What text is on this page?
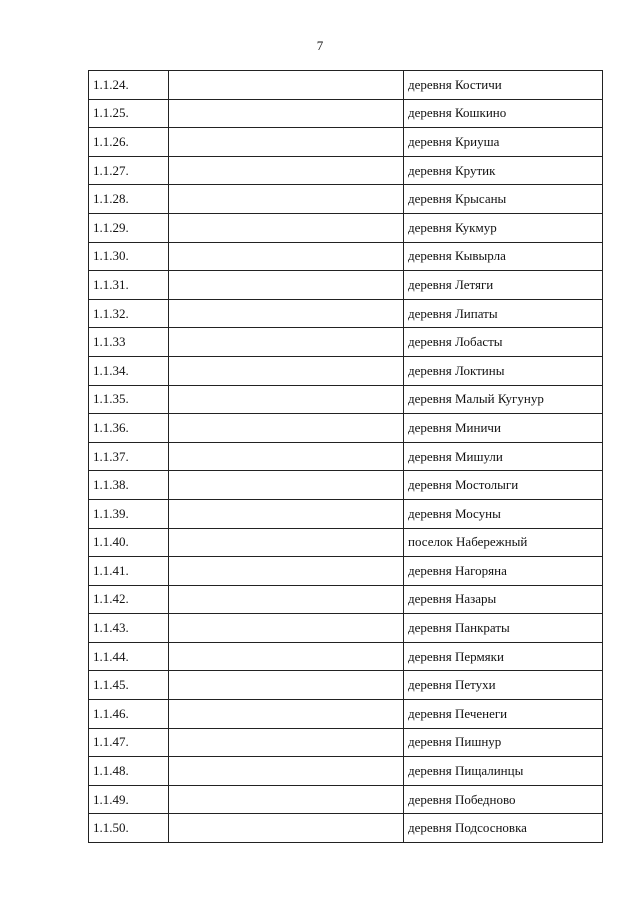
7
1.1.24.		деревня Костичи
1.1.25.		деревня Кошкино
1.1.26.		деревня Криуша
1.1.27.		деревня Крутик
1.1.28.		деревня Крысаны
1.1.29.		деревня Кукмур
1.1.30.		деревня Кывырла
1.1.31.		деревня Летяги
1.1.32.		деревня Липаты
1.1.33		деревня Лобасты
1.1.34.		деревня Локтины
1.1.35.		деревня Малый Кугунур
1.1.36.		деревня Миничи
1.1.37.		деревня Мишули
1.1.38.		деревня Мостолыги
1.1.39.		деревня Мосуны
1.1.40.		поселок Набережный
1.1.41.		деревня Нагоряна
1.1.42.		деревня Назары
1.1.43.		деревня Панкраты
1.1.44.		деревня Пермяки
1.1.45.		деревня Петухи
1.1.46.		деревня Печенеги
1.1.47.		деревня Пишнур
1.1.48.		деревня Пищалинцы
1.1.49.		деревня Победново
1.1.50.		деревня Подсосновка
